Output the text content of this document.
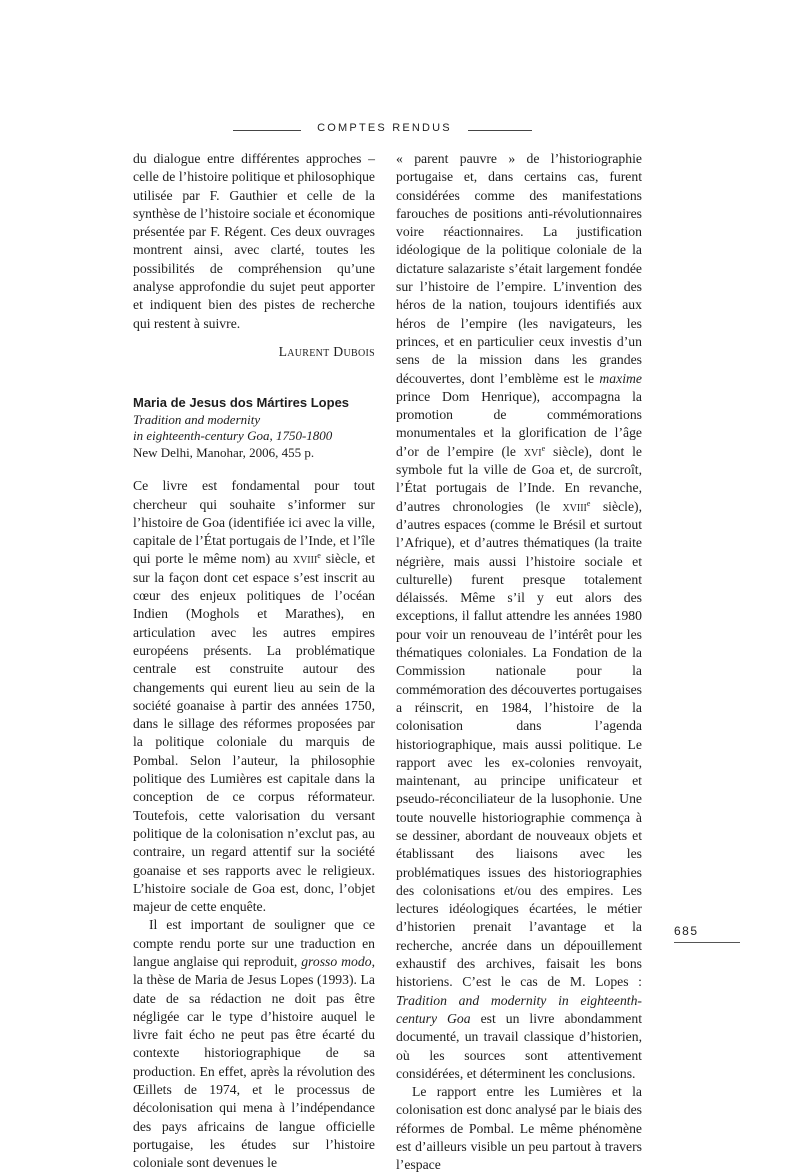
COMPTES RENDUS

du dialogue entre différentes approches – celle de l’histoire politique et philosophique utilisée par F. Gauthier et celle de la synthèse de l’histoire sociale et économique présentée par F. Régent. Ces deux ouvrages montrent ainsi, avec clarté, toutes les possibilités de compréhension qu’une analyse approfondie du sujet peut apporter et indiquent bien des pistes de recherche qui restent à suivre.

Laurent Dubois

Maria de Jesus dos Mártires Lopes
Tradition and modernity
in eighteenth-century Goa, 1750-1800
New Delhi, Manohar, 2006, 455 p.

Ce livre est fondamental pour tout chercheur qui souhaite s’informer sur l’histoire de Goa (identifiée ici avec la ville, capitale de l’État portugais de l’Inde, et l’île qui porte le même nom) au xviii$^e$ siècle, et sur la façon dont cet espace s’est inscrit au cœur des enjeux politiques de l’océan Indien (Moghols et Marathes), en articulation avec les autres empires européens présents. La problématique centrale est construite autour des changements qui eurent lieu au sein de la société goanaise à partir des années 1750, dans le sillage des réformes proposées par la politique coloniale du marquis de Pombal. Selon l’auteur, la philosophie politique des Lumières est capitale dans la conception de ce corpus réformateur. Toutefois, cette valorisation du versant politique de la colonisation n’exclut pas, au contraire, un regard attentif sur la société goanaise et ses rapports avec le religieux. L’histoire sociale de Goa est, donc, l’objet majeur de cette enquête.

Il est important de souligner que ce compte rendu porte sur une traduction en langue anglaise qui reproduit, grosso modo, la thèse de Maria de Jesus Lopes (1993). La date de sa rédaction ne doit pas être négligée car le type d’histoire auquel le livre fait écho ne peut pas être écarté du contexte historiographique de sa production. En effet, après la révolution des Œillets de 1974, et le processus de décolonisation qui mena à l’indépendance des pays africains de langue officielle portugaise, les études sur l’histoire coloniale sont devenues le

« parent pauvre » de l’historiographie portugaise et, dans certains cas, furent considérées comme des manifestations farouches de positions anti-révolutionnaires voire réactionnaires. La justification idéologique de la politique coloniale de la dictature salazariste s’était largement fondée sur l’histoire de l’empire. L’invention des héros de la nation, toujours identifiés aux héros de l’empire (les navigateurs, les princes, et en particulier ceux investis d’un sens de la mission dans les grandes découvertes, dont l’emblème est le maxime prince Dom Henrique), accompagna la promotion de commémorations monumentales et la glorification de l’âge d’or de l’empire (le xvi$^e$ siècle), dont le symbole fut la ville de Goa et, de surcroît, l’État portugais de l’Inde. En revanche, d’autres chronologies (le xviii$^e$ siècle), d’autres espaces (comme le Brésil et surtout l’Afrique), et d’autres thématiques (la traite négrière, mais aussi l’histoire sociale et culturelle) furent presque totalement délaissés. Même s’il y eut alors des exceptions, il fallut attendre les années 1980 pour voir un renouveau de l’intérêt pour les thématiques coloniales. La Fondation de la Commission nationale pour la commémoration des découvertes portugaises a réinscrit, en 1984, l’histoire de la colonisation dans l’agenda historiographique, mais aussi politique. Le rapport avec les ex-colonies renvoyait, maintenant, au principe unificateur et pseudo-réconciliateur de la lusophonie. Une toute nouvelle historiographie commença à se dessiner, abordant de nouveaux objets et établissant des liaisons avec les problématiques issues des historiographies des colonisations et/ou des empires. Les lectures idéologiques écartées, le métier d’historien prenait l’avantage et la recherche, ancrée dans un dépouillement exhaustif des archives, faisait les bons historiens. C’est le cas de M. Lopes : Tradition and modernity in eighteenth-century Goa est un livre abondamment documenté, un travail classique d’historien, où les sources sont attentivement considérées, et déterminent les conclusions.

Le rapport entre les Lumières et la colonisation est donc analysé par le biais des réformes de Pombal. Le même phénomène est d’ailleurs visible un peu partout à travers l’espace

685
